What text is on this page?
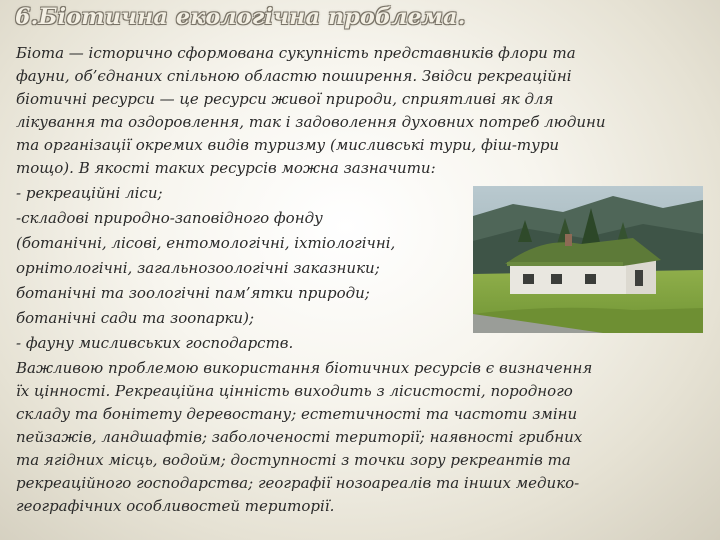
6.Біотична екологічна проблема.

Біота — історично сформована сукупність представників флори та

фауни, об’єднаних спільною областю поширення. Звідси рекреаційні

біотичні ресурси — це ресурси живої природи, сприятливі як для

лікування та оздоровлення, так і задоволення духовних потреб людини

та організації окремих видів туризму (мисливські тури, фіш-тури

тощо). В якості таких ресурсів можна зазначити:

- рекреаційні ліси;

-складові природно-заповідного фонду

(ботанічні, лісові, ентомологічні, іхтіологічні,

орнітологічні, загальнозоологічні заказники;

ботанічні та зоологічні пам’ятки природи;

ботанічні сади та зоопарки);

- фауну мисливських господарств.

Важливою проблемою використання біотичних ресурсів є визначення

їх цінності. Рекреаційна цінність виходить з лісистості, породного

складу та бонітету деревостану; естетичності та частоти зміни

пейзажів, ландшафтів; заболоченості території; наявності грибних

та ягідних місць, водойм; доступності з точки зору рекреантів та

рекреаційного господарства; географії нозоареалів та інших медико-

географічних особливостей території.
